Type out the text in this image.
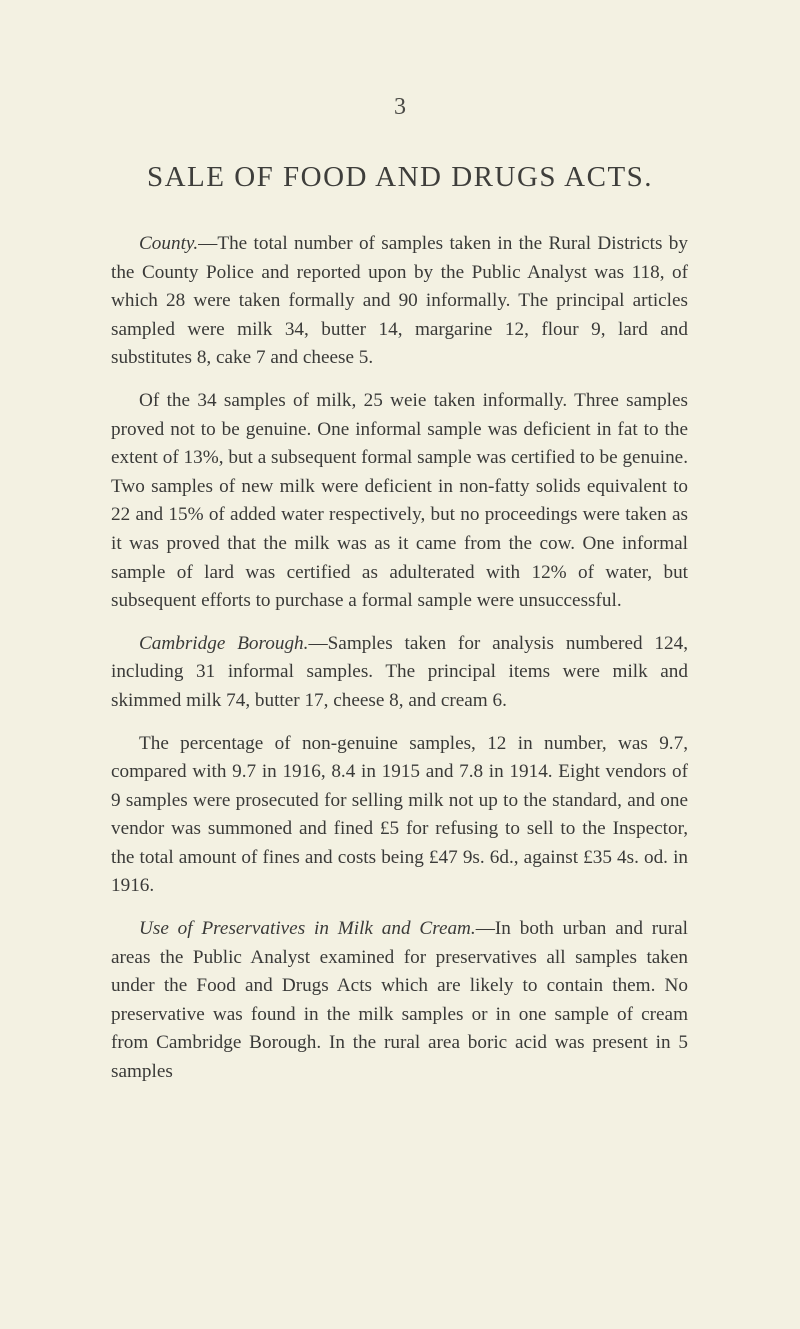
3
SALE OF FOOD AND DRUGS ACTS.

County.—The total number of samples taken in the Rural Districts by the County Police and reported upon by the Public Analyst was 118, of which 28 were taken formally and 90 informally. The principal articles sampled were milk 34, butter 14, margarine 12, flour 9, lard and substitutes 8, cake 7 and cheese 5.

Of the 34 samples of milk, 25 weie taken informally. Three samples proved not to be genuine. One informal sample was deficient in fat to the extent of 13%, but a subsequent formal sample was certified to be genuine. Two samples of new milk were deficient in non-fatty solids equivalent to 22 and 15% of added water respectively, but no proceedings were taken as it was proved that the milk was as it came from the cow. One informal sample of lard was certified as adulterated with 12% of water, but subsequent efforts to purchase a formal sample were unsuccessful.

Cambridge Borough.—Samples taken for analysis numbered 124, including 31 informal samples. The principal items were milk and skimmed milk 74, butter 17, cheese 8, and cream 6.

The percentage of non-genuine samples, 12 in number, was 9.7, compared with 9.7 in 1916, 8.4 in 1915 and 7.8 in 1914. Eight vendors of 9 samples were prosecuted for selling milk not up to the standard, and one vendor was summoned and fined £5 for refusing to sell to the Inspector, the total amount of fines and costs being £47 9s. 6d., against £35 4s. od. in 1916.

Use of Preservatives in Milk and Cream.—In both urban and rural areas the Public Analyst examined for preservatives all samples taken under the Food and Drugs Acts which are likely to contain them. No preservative was found in the milk samples or in one sample of cream from Cambridge Borough. In the rural area boric acid was present in 5 samples
